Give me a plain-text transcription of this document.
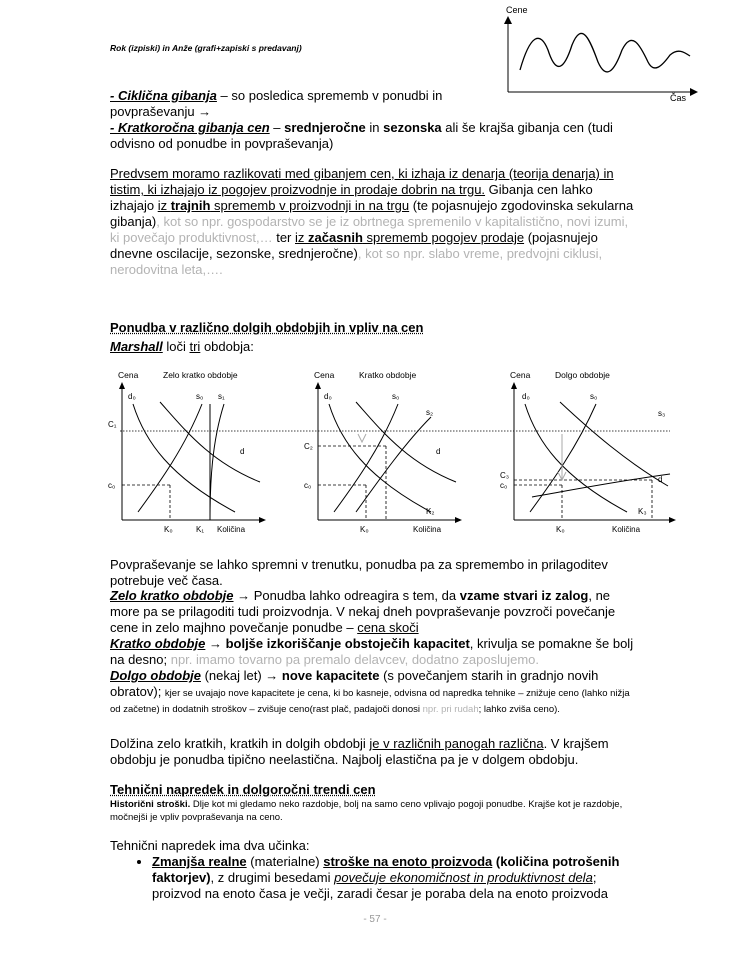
Rok (izpiski) in Anže (grafi+zapiski s predavanj)
Cene
Čas
- Ciklična gibanja – so posledica sprememb v ponudbi in povpraševanju →
- Kratkoročna gibanja cen – srednjeročne in sezonska ali še krajša gibanja cen (tudi odvisno od ponudbe in povpraševanja)
Predvsem moramo razlikovati med gibanjem cen, ki izhaja iz denarja (teorija denarja) in tistim, ki izhajajo iz pogojev proizvodnje in prodaje dobrin na trgu. Gibanja cen lahko izhajajo iz trajnih sprememb v proizvodnji in na trgu (te pojasnujejo zgodovinska sekularna gibanja), kot so npr. gospodarstvo se je iz obrtnega spremenilo v kapitalistično, novi izumi, ki povečajo produktivnost,… ter iz začasnih sprememb pogojev prodaje (pojasnujejo dnevne oscilacije, sezonske, srednjeročne), kot so npr. slabo vreme, predvojni ciklusi, nerodovitna leta,….
Ponudba v različno dolgih obdobjih in vpliv na cen
Marshall loči tri obdobja:
Cena	Zelo kratko obdobje
d₀	s₀ s₁
d
C₁
c₀
K₀	K₁ Količina
Cena	Kratko obdobje
d₀	s₀
s₂
d
C₂
c₀
K₀
K₂
Količina
Cena	Dolgo obdobje
d₀	s₀
s₃
d
C₃
c₀
K₀
K₃
Količina
Povpraševanje se lahko spremni v trenutku, ponudba pa za spremembo in prilagoditev potrebuje več časa.
Zelo kratko obdobje → Ponudba lahko odreagira s tem, da vzame stvari iz zalog, ne more pa se prilagoditi tudi proizvodnja. V nekaj dneh povpraševanje povzroči povečanje cene in zelo majhno povečanje ponudbe – cena skoči
Kratko obdobje → boljše izkoriščanje obstoječih kapacitet, krivulja se pomakne še bolj na desno; npr. imamo tovarno pa premalo delavcev, dodatno zaposlujemo.
Dolgo obdobje (nekaj let) → nove kapacitete (s povečanjem starih in gradnjo novih obratov); kjer se uvajajo nove kapacitete je cena, ki bo kasneje, odvisna od napredka tehnike – znižuje ceno (lahko nižja od začetne) in dodatnih stroškov – zvišuje ceno(rast plač, padajoči donosi npr. pri rudah; lahko zviša ceno).
Dolžina zelo kratkih, kratkih in dolgih obdobji je v različnih panogah različna. V krajšem obdobju je ponudba tipično neelastična. Najbolj elastična pa je v dolgem obdobju.
Tehnični napredek in dolgoročni trendi cen
Historični stroški. Dlje kot mi gledamo neko razdobje, bolj na samo ceno vplivajo pogoji ponudbe. Krajše kot je razdobje, močnejši je vpliv povpraševanja na ceno.
Tehnični napredek ima dva učinka:
• Zmanjša realne (materialne) stroške na enoto proizvoda (količina potrošenih faktorjev), z drugimi besedami povečuje ekonomičnost in produktivnost dela; proizvod na enoto časa je večji, zaradi česar je poraba dela na enoto proizvoda
- 57 -
